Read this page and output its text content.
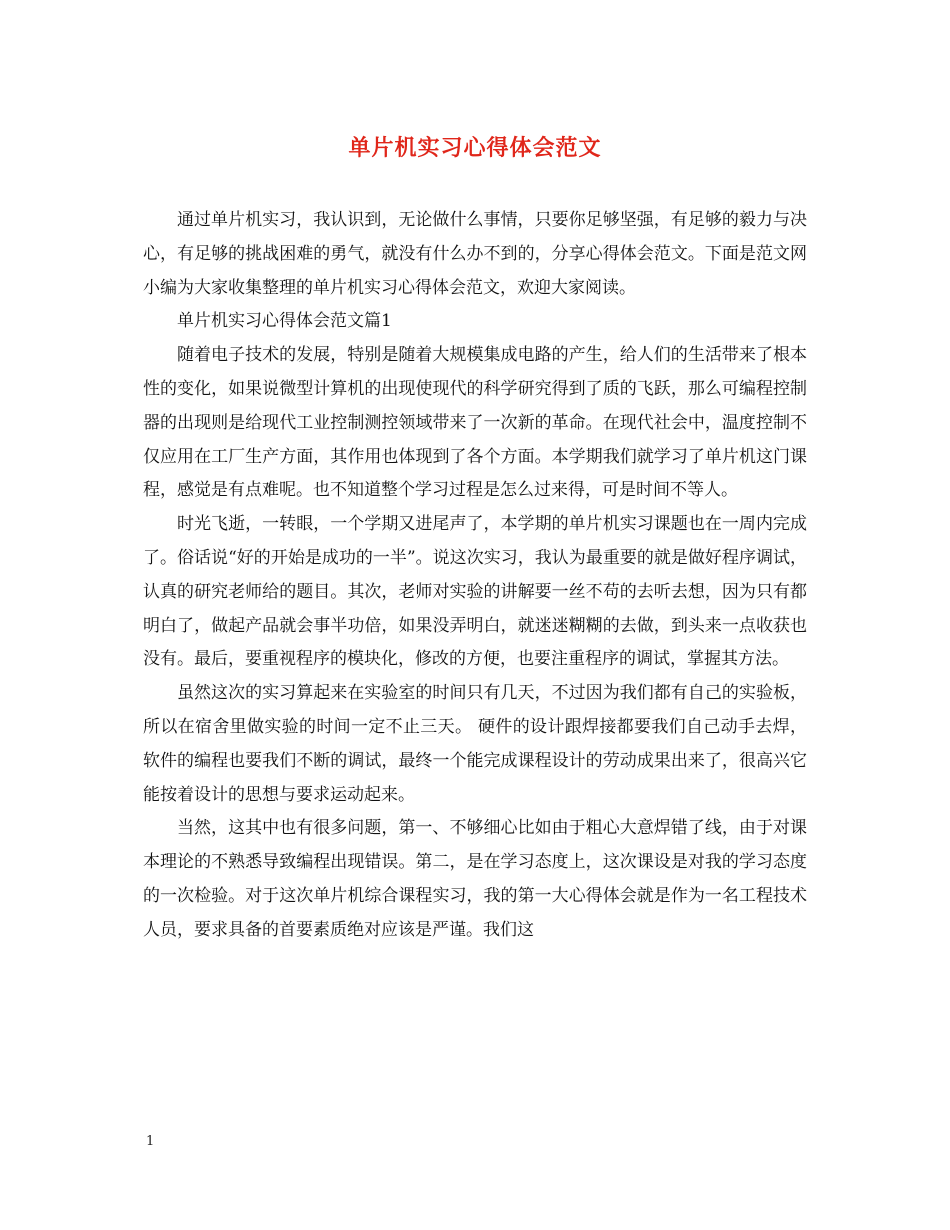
单片机实习心得体会范文

通过单片机实习，我认识到，无论做什么事情，只要你足够坚强，有足够的毅力与决心，有足够的挑战困难的勇气，就没有什么办不到的，分享心得体会范文。下面是范文网小编为大家收集整理的单片机实习心得体会范文，欢迎大家阅读。

单片机实习心得体会范文篇1

随着电子技术的发展，特别是随着大规模集成电路的产生，给人们的生活带来了根本性的变化，如果说微型计算机的出现使现代的科学研究得到了质的飞跃，那么可编程控制器的出现则是给现代工业控制测控领域带来了一次新的革命。在现代社会中，温度控制不仅应用在工厂生产方面，其作用也体现到了各个方面。本学期我们就学习了单片机这门课程，感觉是有点难呢。也不知道整个学习过程是怎么过来得，可是时间不等人。

时光飞逝，一转眼，一个学期又进尾声了，本学期的单片机实习课题也在一周内完成了。俗话说“好的开始是成功的一半”。说这次实习，我认为最重要的就是做好程序调试，认真的研究老师给的题目。其次，老师对实验的讲解要一丝不苟的去听去想，因为只有都明白了，做起产品就会事半功倍，如果没弄明白，就迷迷糊糊的去做，到头来一点收获也没有。最后，要重视程序的模块化，修改的方便，也要注重程序的调试，掌握其方法。

虽然这次的实习算起来在实验室的时间只有几天，不过因为我们都有自己的实验板，所以在宿舍里做实验的时间一定不止三天。 硬件的设计跟焊接都要我们自己动手去焊，软件的编程也要我们不断的调试，最终一个能完成课程设计的劳动成果出来了，很高兴它能按着设计的思想与要求运动起来。

当然，这其中也有很多问题，第一、不够细心比如由于粗心大意焊错了线，由于对课本理论的不熟悉导致编程出现错误。第二，是在学习态度上，这次课设是对我的学习态度的一次检验。对于这次单片机综合课程实习，我的第一大心得体会就是作为一名工程技术人员，要求具备的首要素质绝对应该是严谨。我们这

1
